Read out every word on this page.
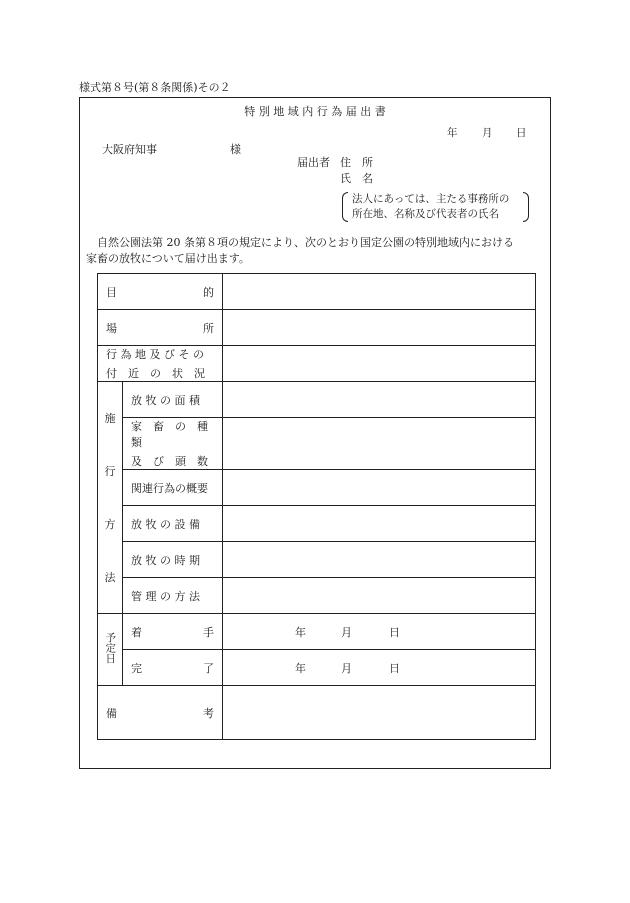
様式第８号(第８条関係)その２
特 別 地 域 内 行 為 届 出 書
年 月 日
大阪府知事	様
届出者 住　所
氏　名
法人にあっては、主たる事務所の
所在地、名称及び代表者の氏名
自然公園法第 20 条第８項の規定により、次のとおり国定公園の特別地域内における
家畜の放牧について届け出ます。
目 的		

場 所		

行 為 地 及 び そ の
付　近　の　状　況		

施
行
方
法	放 牧 の 面 積	

	家　畜　の　種　類
及　び　頭　数	

	関連行為の概要	
	放 牧 の 設 備	
	放 牧 の 時 期	
	管 理 の 方 法	
予定日	着 手	年 月 日

	完 了	年 月 日

備 考		
